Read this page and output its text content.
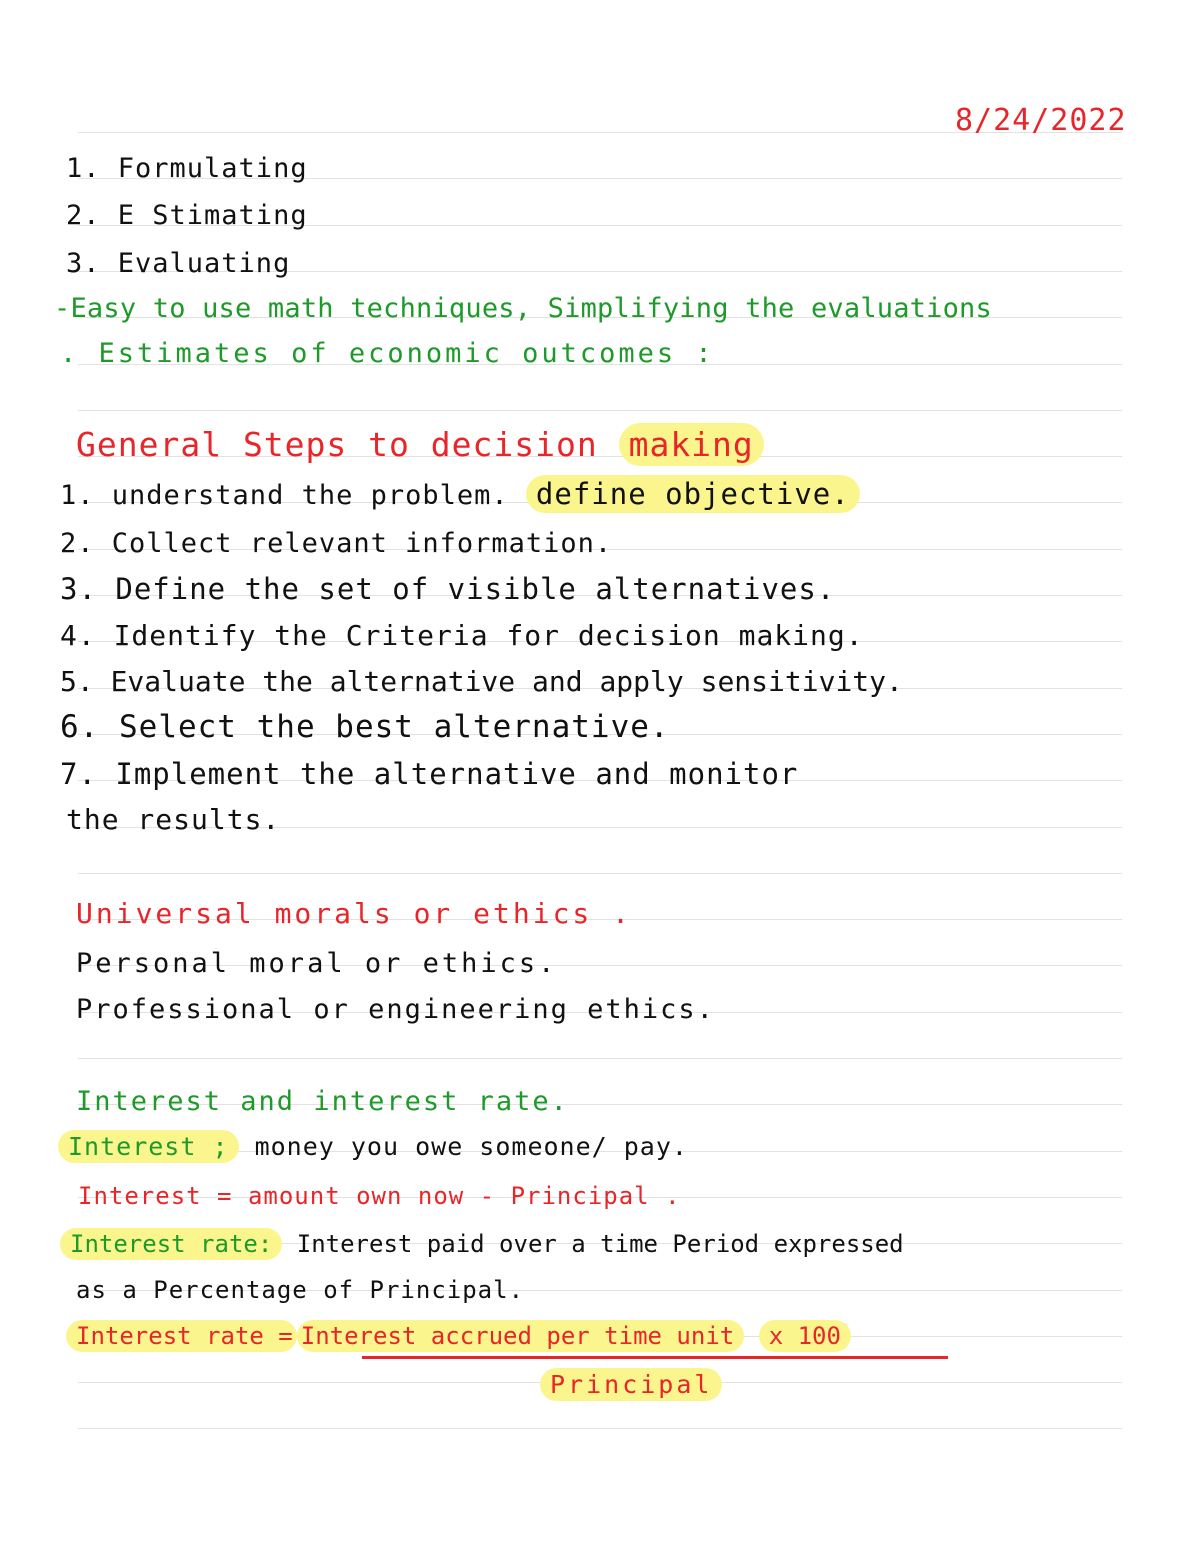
8/24/2022
1. Formulating
2. E Stimating
3. Evaluating
-Easy to use math techniques, Simplifying the evaluations
. Estimates of economic outcomes :
General Steps to decision making
1. understand the problem. define objective.
2. Collect relevant information.
3. Define the set of visible alternatives.
4. Identify the Criteria for decision making.
5. Evaluate the alternative and apply sensitivity.
6. Select the best alternative.
7. Implement the alternative and monitor
the results.
Universal morals or ethics .
Personal moral or ethics.
Professional or engineering ethics.
Interest and interest rate.
Interest ; money you owe someone/ pay.
Interest = amount own now - Principal .
Interest rate: Interest paid over a time Period expressed
as a Percentage of Principal.
Interest rate = Interest accrued per time unit x 100
Principal
